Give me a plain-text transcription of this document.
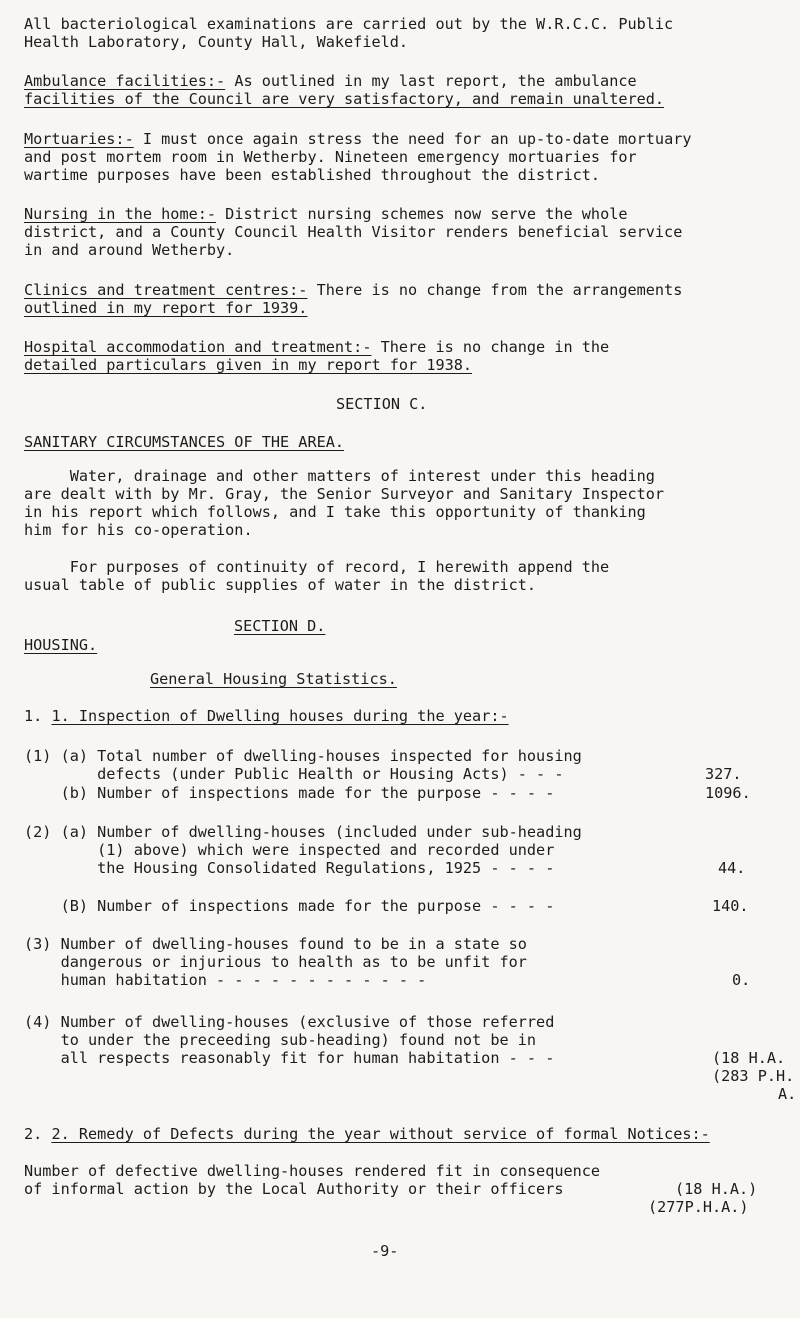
All bacteriological examinations are carried out by the W.R.C.C. Public
Health Laboratory, County Hall, Wakefield.
Ambulance facilities:- As outlined in my last report, the ambulance
facilities of the Council are very satisfactory, and remain unaltered.
Mortuaries:- I must once again stress the need for an up-to-date mortuary
and post mortem room in Wetherby. Nineteen emergency mortuaries for
wartime purposes have been established throughout the district.
Nursing in the home:- District nursing schemes now serve the whole
district, and a County Council Health Visitor renders beneficial service
in and around Wetherby.
Clinics and treatment centres:- There is no change from the arrangements
outlined in my report for 1939.
Hospital accommodation and treatment:- There is no change in the
detailed particulars given in my report for 1938.
SECTION C.
SANITARY CIRCUMSTANCES OF THE AREA.
Water, drainage and other matters of interest under this heading
are dealt with by Mr. Gray, the Senior Surveyor and Sanitary Inspector
in his report which follows, and I take this opportunity of thanking
him for his co-operation.
For purposes of continuity of record, I herewith append the
usual table of public supplies of water in the district.
SECTION D.
HOUSING.
General Housing Statistics.
1. 1. Inspection of Dwelling houses during the year:-
(1) (a) Total number of dwelling-houses inspected for housing
defects (under Public Health or Housing Acts) - - -	327.
(b) Number of inspections made for the purpose - - - -	1096.
(2) (a) Number of dwelling-houses (included under sub-heading
(1) above) which were inspected and recorded under
the Housing Consolidated Regulations, 1925 - - - -	44.
(B) Number of inspections made for the purpose - - - -	140.
(3) Number of dwelling-houses found to be in a state so
dangerous or injurious to health as to be unfit for
human habitation - - - - - - - - - - - -	0.
(4) Number of dwelling-houses (exclusive of those referred
to under the preceeding sub-heading) found not be in
all respects reasonably fit for human habitation - - -	(18 H.A.
(283 P.H.
A.
2. 2. Remedy of Defects during the year without service of formal Notices:-
Number of defective dwelling-houses rendered fit in consequence
of informal action by the Local Authority or their officers	(18 H.A.)
(277P.H.A.)
-9-
